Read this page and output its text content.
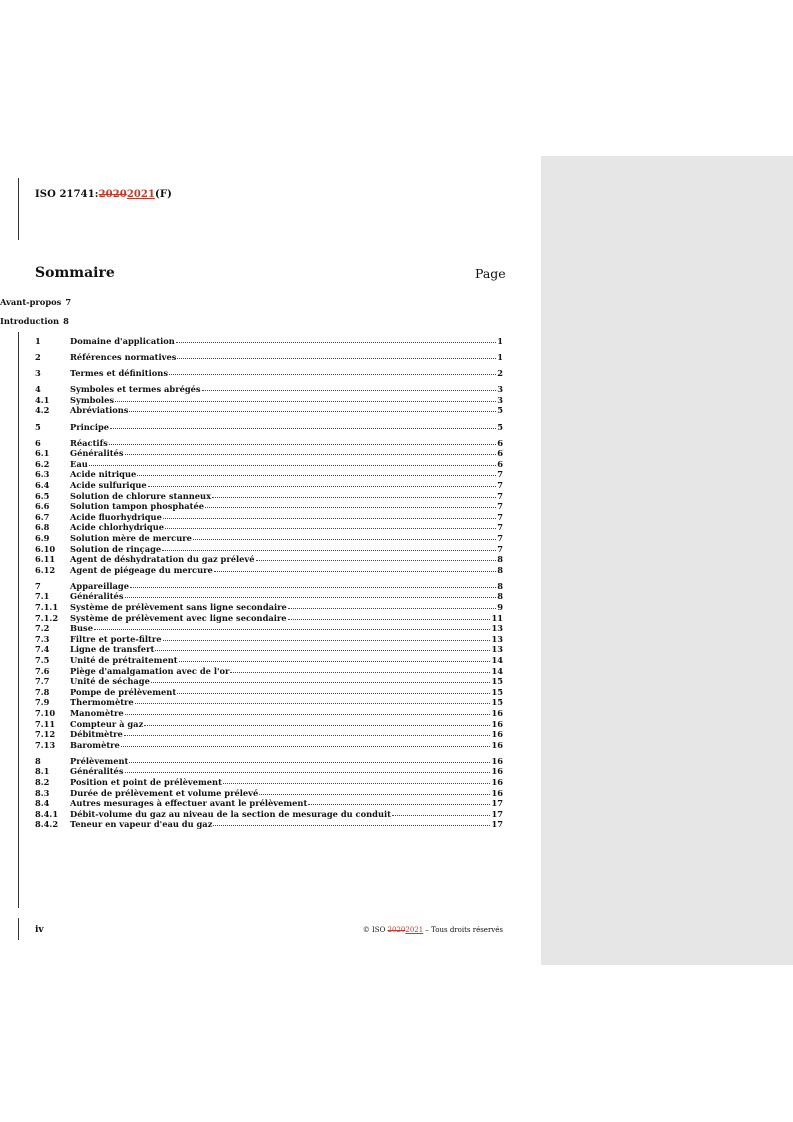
ISO 21741:20202021(F)
Sommaire	Page
Avant-propos 7
Introduction 8
1	Domaine d'application	1
2	Références normatives	1
3	Termes et définitions	2
4	Symboles et termes abrégés	3
4.1	Symboles	3
4.2	Abréviations	5
5	Principe	5
6	Réactifs	6
6.1	Généralités	6
6.2	Eau	6
6.3	Acide nitrique	7
6.4	Acide sulfurique	7
6.5	Solution de chlorure stanneux	7
6.6	Solution tampon phosphatée	7
6.7	Acide fluorhydrique	7
6.8	Acide chlorhydrique	7
6.9	Solution mère de mercure	7
6.10	Solution de rinçage	7
6.11	Agent de déshydratation du gaz prélevé	8
6.12	Agent de piégeage du mercure	8
7	Appareillage	8
7.1	Généralités	8
7.1.1	Système de prélèvement sans ligne secondaire	9
7.1.2	Système de prélèvement avec ligne secondaire	11
7.2	Buse	13
7.3	Filtre et porte-filtre	13
7.4	Ligne de transfert	13
7.5	Unité de prétraitement	14
7.6	Piège d'amalgamation avec de l'or	14
7.7	Unité de séchage	15
7.8	Pompe de prélèvement	15
7.9	Thermomètre	15
7.10	Manomètre	16
7.11	Compteur à gaz	16
7.12	Débitmètre	16
7.13	Baromètre	16
8	Prélèvement	16
8.1	Généralités	16
8.2	Position et point de prélèvement	16
8.3	Durée de prélèvement et volume prélevé	16
8.4	Autres mesurages à effectuer avant le prélèvement	17
8.4.1	Débit-volume du gaz au niveau de la section de mesurage du conduit	17
8.4.2	Teneur en vapeur d'eau du gaz	17
iv	© ISO 20202021 – Tous droits réservés
